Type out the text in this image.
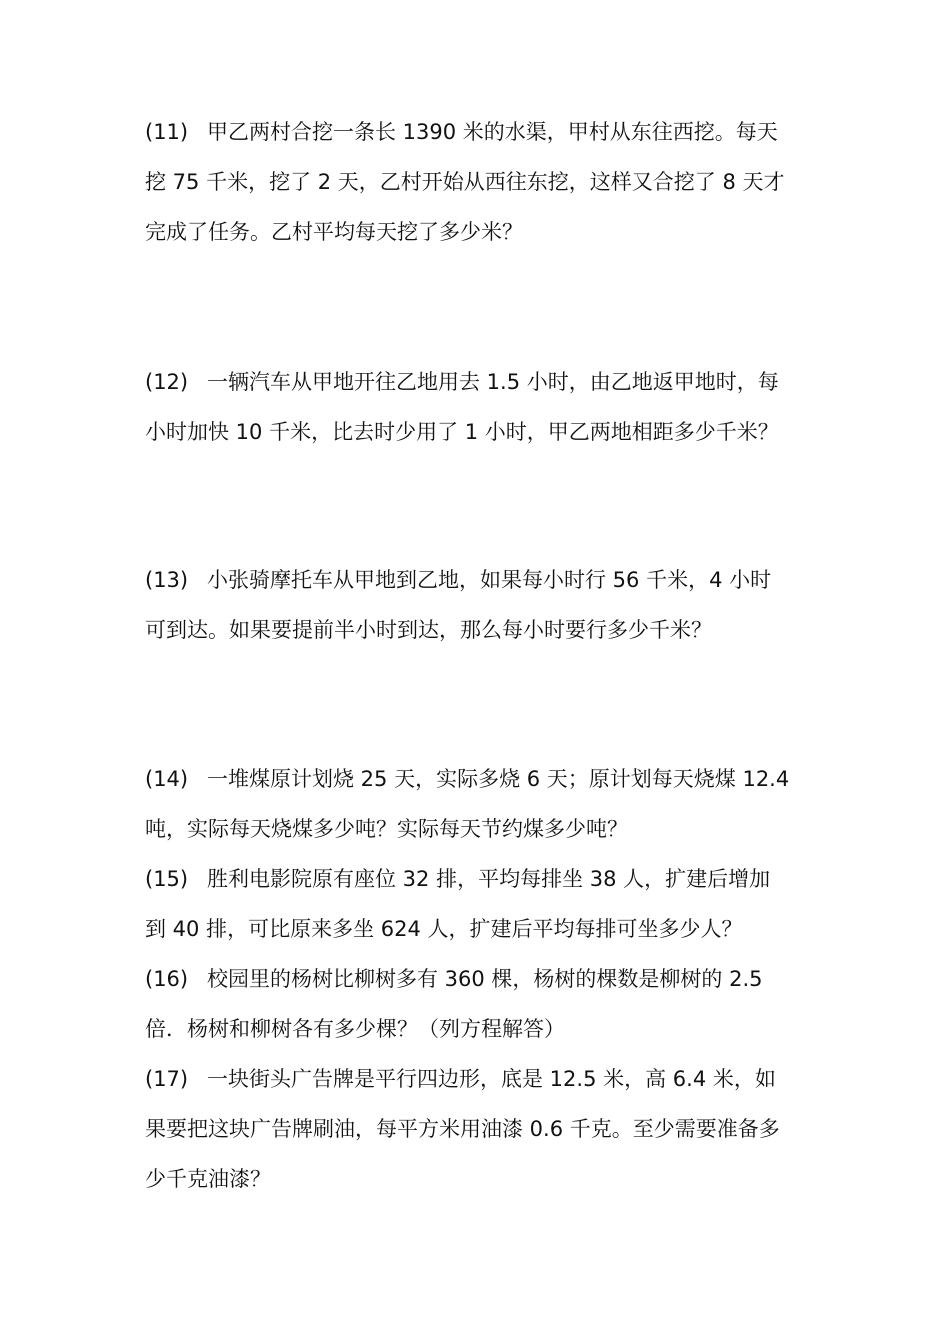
(11) 甲乙两村合挖一条长 1390 米的水渠，甲村从东往西挖。每天
挖 75 千米，挖了 2 天，乙村开始从西往东挖，这样又合挖了 8 天才
完成了任务。乙村平均每天挖了多少米？
(12) 一辆汽车从甲地开往乙地用去 1.5 小时，由乙地返甲地时，每
小时加快 10 千米，比去时少用了 1 小时，甲乙两地相距多少千米？
(13) 小张骑摩托车从甲地到乙地，如果每小时行 56 千米，4 小时
可到达。如果要提前半小时到达，那么每小时要行多少千米？
(14) 一堆煤原计划烧 25 天，实际多烧 6 天；原计划每天烧煤 12.4
吨，实际每天烧煤多少吨？实际每天节约煤多少吨？
(15) 胜利电影院原有座位 32 排，平均每排坐 38 人，扩建后增加
到 40 排，可比原来多坐 624 人，扩建后平均每排可坐多少人？
(16) 校园里的杨树比柳树多有 360 棵，杨树的棵数是柳树的 2.5
倍．杨树和柳树各有多少棵？（列方程解答）
(17) 一块街头广告牌是平行四边形，底是 12.5 米，高 6.4 米，如
果要把这块广告牌刷油，每平方米用油漆 0.6 千克。至少需要准备多
少千克油漆？
